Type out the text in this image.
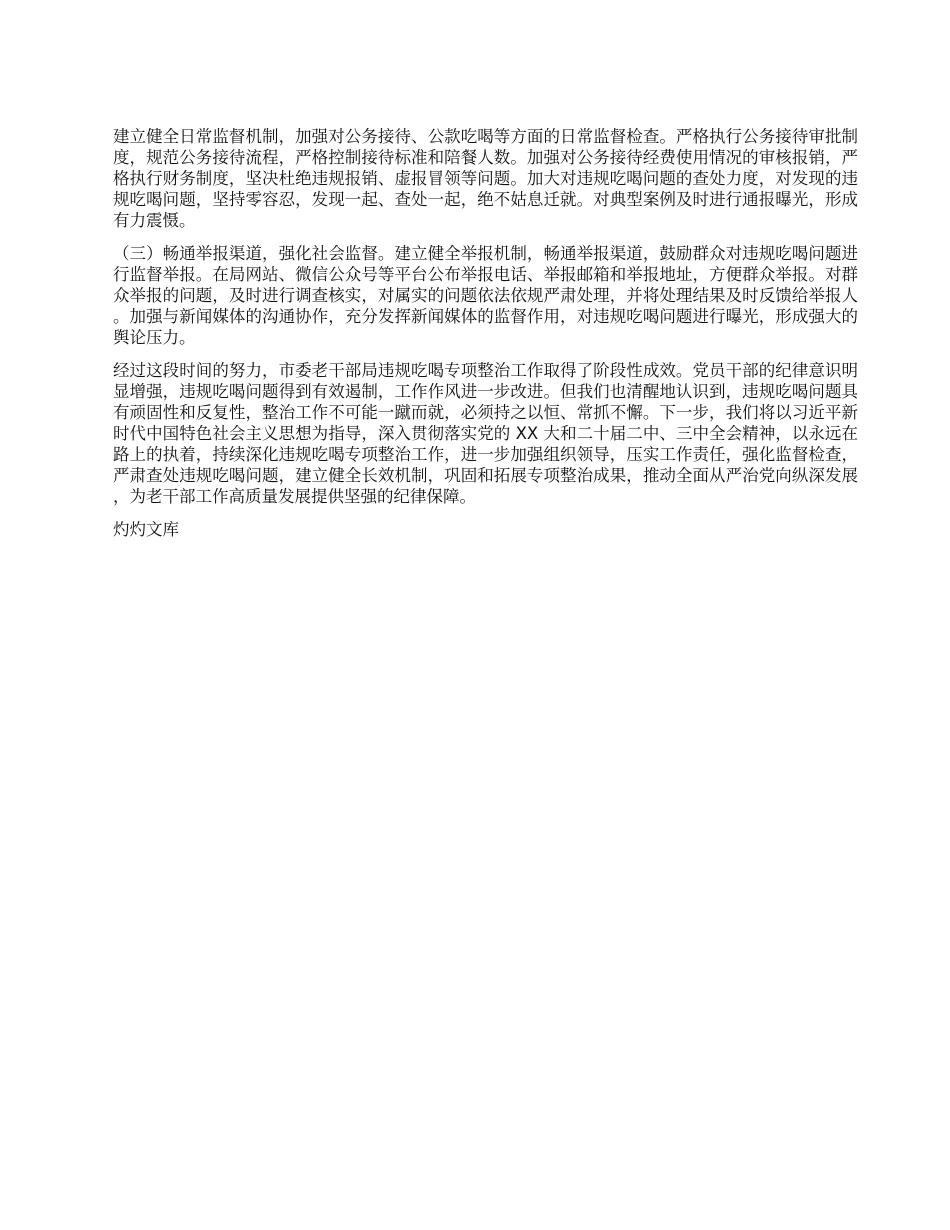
建立健全日常监督机制，加强对公务接待、公款吃喝等方面的日常监督检查。严格执行公务接待审批制度，规范公务接待流程，严格控制接待标准和陪餐人数。加强对公务接待经费使用情况的审核报销，严格执行财务制度，坚决杜绝违规报销、虚报冒领等问题。加大对违规吃喝问题的查处力度，对发现的违规吃喝问题，坚持零容忍，发现一起、查处一起，绝不姑息迁就。对典型案例及时进行通报曝光，形成有力震慑。

（三）畅通举报渠道，强化社会监督。建立健全举报机制，畅通举报渠道，鼓励群众对违规吃喝问题进行监督举报。在局网站、微信公众号等平台公布举报电话、举报邮箱和举报地址，方便群众举报。对群众举报的问题，及时进行调查核实，对属实的问题依法依规严肃处理，并将处理结果及时反馈给举报人。加强与新闻媒体的沟通协作，充分发挥新闻媒体的监督作用，对违规吃喝问题进行曝光，形成强大的舆论压力。

经过这段时间的努力，市委老干部局违规吃喝专项整治工作取得了阶段性成效。党员干部的纪律意识明显增强，违规吃喝问题得到有效遏制，工作作风进一步改进。但我们也清醒地认识到，违规吃喝问题具有顽固性和反复性，整治工作不可能一蹴而就，必须持之以恒、常抓不懈。下一步，我们将以习近平新时代中国特色社会主义思想为指导，深入贯彻落实党的 XX 大和二十届二中、三中全会精神，以永远在路上的执着，持续深化违规吃喝专项整治工作，进一步加强组织领导，压实工作责任，强化监督检查，严肃查处违规吃喝问题，建立健全长效机制，巩固和拓展专项整治成果，推动全面从严治党向纵深发展，为老干部工作高质量发展提供坚强的纪律保障。

灼灼文库
